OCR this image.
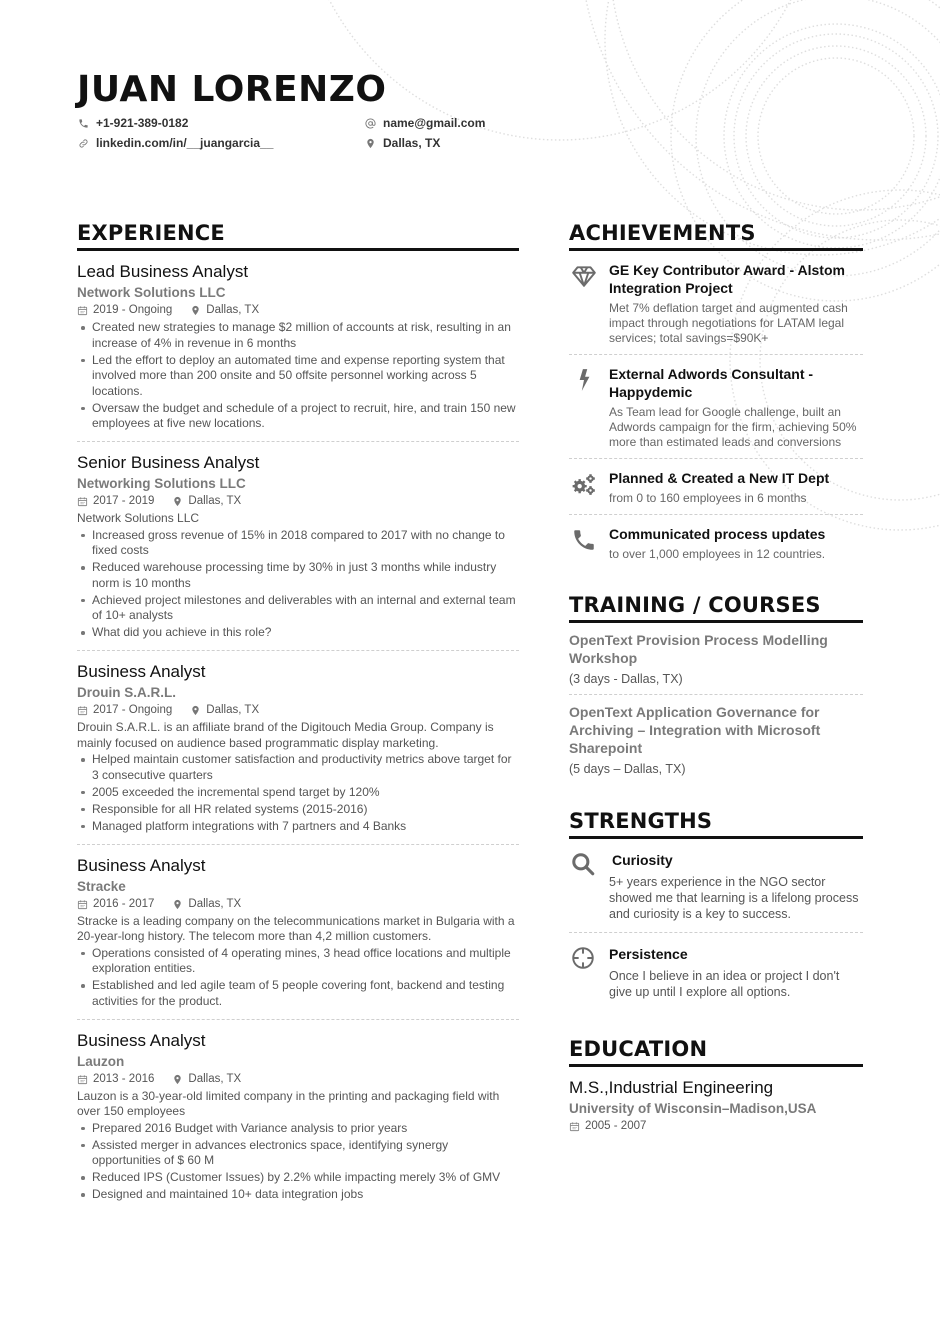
JUAN LORENZO
+1-921-389-0182
linkedin.com/in/__juangarcia__
name@gmail.com
Dallas, TX
EXPERIENCE
Lead Business Analyst
Network Solutions LLC
2019 - Ongoing	Dallas, TX
Created new strategies to manage $2 million of accounts at risk, resulting in an increase of 4% in revenue in 6 months
Led the effort to deploy an automated time and expense reporting system that involved more than 200 onsite and 50 offsite personnel working across 5 locations.
Oversaw the budget and schedule of a project to recruit, hire, and train 150 new employees at five new locations.
Senior Business Analyst
Networking Solutions LLC
2017 - 2019	Dallas, TX
Network Solutions LLC
Increased gross revenue of 15% in 2018 compared to 2017 with no change to fixed costs
Reduced warehouse processing time by 30% in just 3 months while industry norm is 10 months
Achieved project milestones and deliverables with an internal and external team of 10+ analysts
What did you achieve in this role?
Business Analyst
Drouin S.A.R.L.
2017 - Ongoing	Dallas, TX
Drouin S.A.R.L. is an affiliate brand of the Digitouch Media Group. Company is mainly focused on audience based programmatic display marketing.
Helped maintain customer satisfaction and productivity metrics above target for 3 consecutive quarters
2005 exceeded the incremental spend target by 120%
Responsible for all HR related systems (2015-2016)
Managed platform integrations with 7 partners and 4 Banks
Business Analyst
Stracke
2016 - 2017	Dallas, TX
Stracke is a leading company on the telecommunications market in Bulgaria with a 20-year-long history. The telecom more than 4,2 million customers.
Operations consisted of 4 operating mines, 3 head office locations and multiple exploration entities.
Established and led agile team of 5 people covering font, backend and testing activities for the product.
Business Analyst
Lauzon
2013 - 2016	Dallas, TX
Lauzon is a 30-year-old limited company in the printing and packaging field with over 150 employees
Prepared 2016 Budget with Variance analysis to prior years
Assisted merger in advances electronics space, identifying synergy opportunities of $ 60 M
Reduced IPS (Customer Issues) by 2.2% while impacting merely 3% of GMV
Designed and maintained 10+ data integration jobs
ACHIEVEMENTS
GE Key Contributor Award - Alstom Integration Project
Met 7% deflation target and augmented cash impact through negotiations for LATAM legal services; total savings=$90K+
External Adwords Consultant - Happydemic
As Team lead for Google challenge, built an Adwords campaign for the firm, achieving 50% more than estimated leads and conversions
Planned & Created a New IT Dept
from 0 to 160 employees in 6 months
Communicated process updates
to over 1,000 employees in 12 countries.
TRAINING / COURSES
OpenText Provision Process Modelling Workshop
(3 days - Dallas, TX)
OpenText Application Governance for Archiving – Integration with Microsoft Sharepoint
(5 days – Dallas, TX)
STRENGTHS
Curiosity
5+ years experience in the NGO sector showed me that learning is a lifelong process and curiosity is a key to success.
Persistence
Once I believe in an idea or project I don't give up until I explore all options.
EDUCATION
M.S.,Industrial Engineering
University of Wisconsin–Madison,USA
2005 - 2007
